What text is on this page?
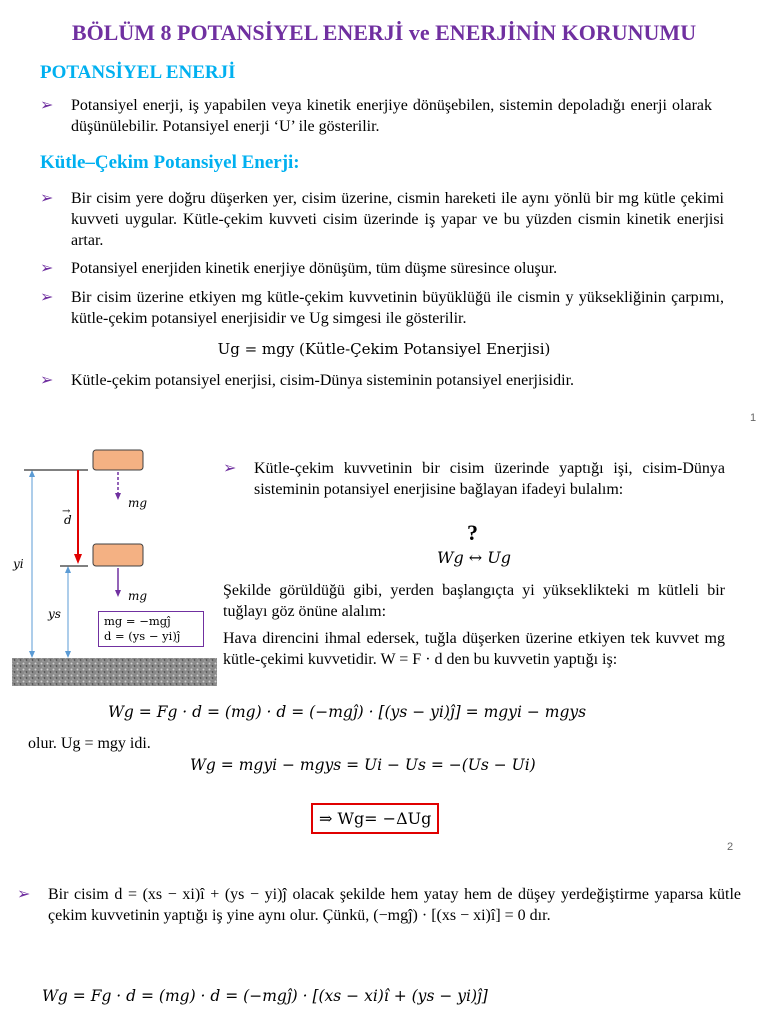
BÖLÜM 8 POTANSİYEL ENERJİ ve ENERJİNİN KORUNUMU
POTANSİYEL ENERJİ
➢	Potansiyel enerji, iş yapabilen veya kinetik enerjiye dönüşebilen, sistemin depoladığı enerji olarak düşünülebilir. Potansiyel enerji ‘U’ ile gösterilir.
Kütle–Çekim Potansiyel Enerji:
➢	Bir cisim yere doğru düşerken yer, cisim üzerine, cismin hareketi ile aynı yönlü bir mg kütle çekimi kuvveti uygular. Kütle-çekim kuvveti cisim üzerinde iş yapar ve bu yüzden cismin kinetik enerjisi artar.
➢	Potansiyel enerjiden kinetik enerjiye dönüşüm, tüm düşme süresince oluşur.
➢	Bir cisim üzerine etkiyen mg kütle-çekim kuvvetinin büyüklüğü ile cismin y yüksekliğinin çarpımı, kütle-çekim potansiyel enerjisidir ve Ug simgesi ile gösterilir.
Ug = mgy (Kütle-Çekim Potansiyel Enerjisi)
➢	Kütle-çekim potansiyel enerjisi, cisim-Dünya sisteminin potansiyel enerjisidir.
1
d
→
yi
ys
mg
mg
mg = −mgĵ
d = (ys − yi)ĵ
➢	Kütle-çekim kuvvetinin bir cisim üzerinde yaptığı işi, cisim-Dünya sisteminin potansiyel enerjisine bağlayan ifadeyi bulalım:
?
Wg ↔ Ug
Şekilde görüldüğü gibi, yerden başlangıçta yi yükseklikteki m kütleli bir tuğlayı göz önüne alalım:
Hava direncini ihmal edersek, tuğla düşerken üzerine etkiyen tek kuvvet mg kütle-çekimi kuvvetidir. W = F · d den bu kuvvetin yaptığı iş:
Wg = Fg · d = (mg) · d = (−mgĵ) · [(ys − yi)ĵ] = mgyi − mgys
olur. Ug = mgy idi.
Wg = mgyi − mgys = Ui − Us = −(Us − Ui)
⇒ Wg= −ΔUg
2
➢	Bir cisim d = (xs − xi)î + (ys − yi)ĵ olacak şekilde hem yatay hem de düşey yerdeğiştirme yaparsa kütle çekim kuvvetinin yaptığı iş yine aynı olur. Çünkü, (−mgĵ) · [(xs − xi)î] = 0 dır.
Wg = Fg · d = (mg) · d = (−mgĵ) · [(xs − xi)î + (ys − yi)ĵ]
